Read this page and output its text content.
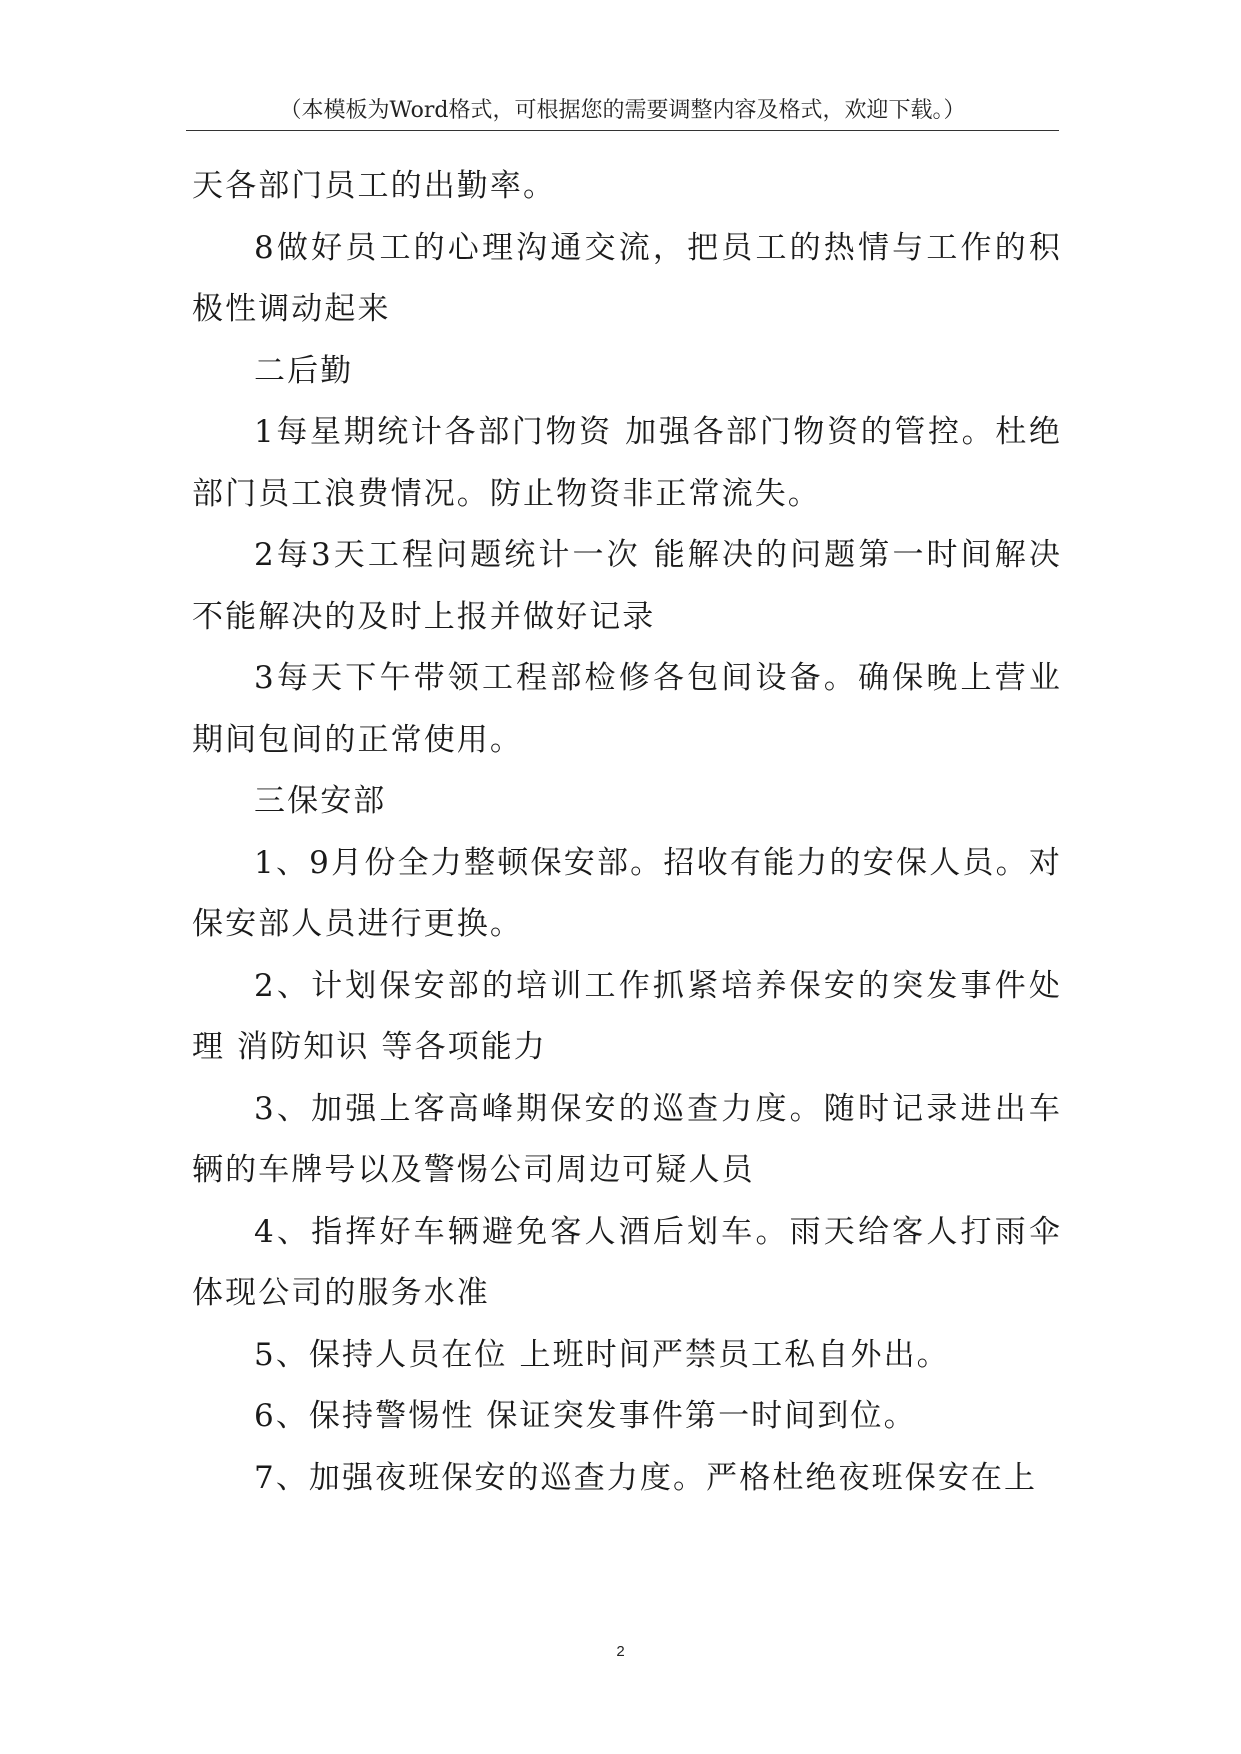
（本模板为Word格式，可根据您的需要调整内容及格式，欢迎下载。）

天各部门员工的出勤率。

8做好员工的心理沟通交流，把员工的热情与工作的积极性调动起来

二后勤

1每星期统计各部门物资 加强各部门物资的管控。杜绝部门员工浪费情况。防止物资非正常流失。

2每3天工程问题统计一次 能解决的问题第一时间解决不能解决的及时上报并做好记录

3每天下午带领工程部检修各包间设备。确保晚上营业期间包间的正常使用。

三保安部

1、9月份全力整顿保安部。招收有能力的安保人员。对保安部人员进行更换。

2、计划保安部的培训工作抓紧培养保安的突发事件处理 消防知识 等各项能力

3、加强上客高峰期保安的巡查力度。随时记录进出车辆的车牌号以及警惕公司周边可疑人员

4、指挥好车辆避免客人酒后划车。雨天给客人打雨伞体现公司的服务水准

5、保持人员在位 上班时间严禁员工私自外出。

6、保持警惕性 保证突发事件第一时间到位。

7、加强夜班保安的巡查力度。严格杜绝夜班保安在上

2
